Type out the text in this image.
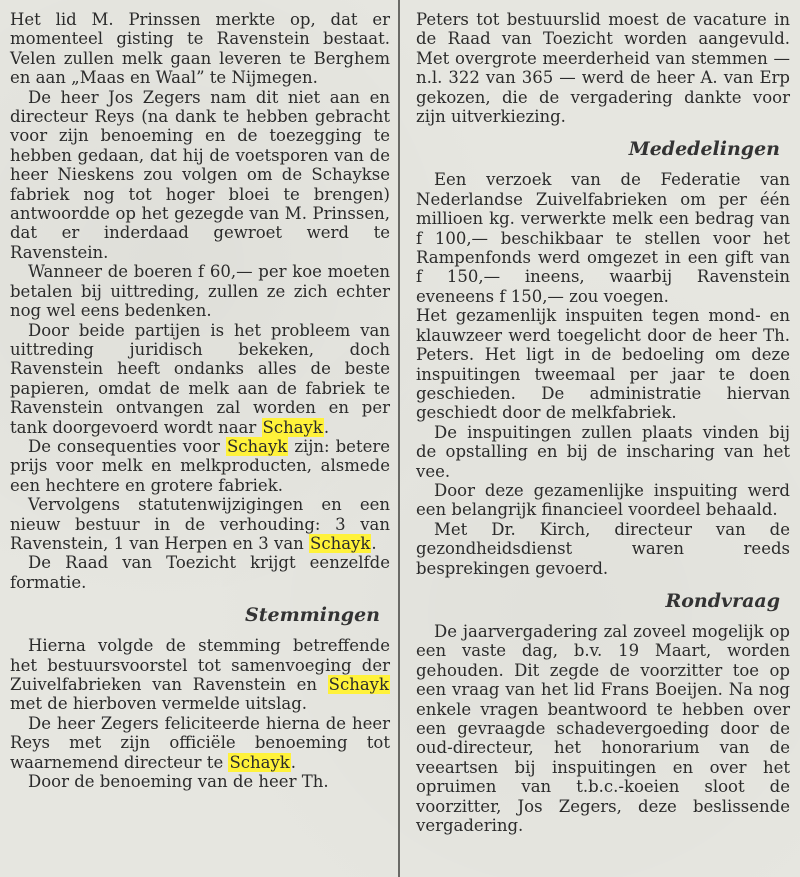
Het lid M. Prinssen merkte op, dat er momenteel gisting te Ravenstein bestaat. Velen zullen melk gaan leveren te Berghem en aan „Maas en Waal” te Nijmegen.

De heer Jos Zegers nam dit niet aan en directeur Reys (na dank te hebben gebracht voor zijn benoeming en de toezegging te hebben gedaan, dat hij de voetsporen van de heer Nieskens zou volgen om de Schaykse fabriek nog tot hoger bloei te brengen) antwoordde op het gezegde van M. Prinssen, dat er inderdaad gewroet werd te Ravenstein.

Wanneer de boeren f 60,— per koe moeten betalen bij uittreding, zullen ze zich echter nog wel eens bedenken.

Door beide partijen is het probleem van uittreding juridisch bekeken, doch Ravenstein heeft ondanks alles de beste papieren, omdat de melk aan de fabriek te Ravenstein ontvangen zal worden en per tank doorgevoerd wordt naar Schayk.

De consequenties voor Schayk zijn: betere prijs voor melk en melkproducten, alsmede een hechtere en grotere fabriek.

Vervolgens statutenwijzigingen en een nieuw bestuur in de verhouding: 3 van Ravenstein, 1 van Herpen en 3 van Schayk.

De Raad van Toezicht krijgt eenzelfde formatie.

Stemmingen

Hierna volgde de stemming betreffende het bestuursvoorstel tot samenvoeging der Zuivelfabrieken van Ravenstein en Schayk met de hierboven vermelde uitslag.

De heer Zegers feliciteerde hierna de heer Reys met zijn officiële benoeming tot waarnemend directeur te Schayk.

Door de benoeming van de heer Th.

Peters tot bestuurslid moest de vacature in de Raad van Toezicht worden aangevuld. Met overgrote meerderheid van stemmen — n.l. 322 van 365 — werd de heer A. van Erp gekozen, die de vergadering dankte voor zijn uitverkiezing.

Mededelingen

Een verzoek van de Federatie van Nederlandse Zuivelfabrieken om per één millioen kg. verwerkte melk een bedrag van f 100,— beschikbaar te stellen voor het Rampenfonds werd omgezet in een gift van f 150,— ineens, waarbij Ravenstein eveneens f 150,— zou voegen.

Het gezamenlijk inspuiten tegen mond- en klauwzeer werd toegelicht door de heer Th. Peters. Het ligt in de bedoeling om deze inspuitingen tweemaal per jaar te doen geschieden. De administratie hiervan geschiedt door de melkfabriek.

De inspuitingen zullen plaats vinden bij de opstalling en bij de inscharing van het vee.

Door deze gezamenlijke inspuiting werd een belangrijk financieel voordeel behaald.

Met Dr. Kirch, directeur van de gezondheidsdienst waren reeds besprekingen gevoerd.

Rondvraag

De jaarvergadering zal zoveel mogelijk op een vaste dag, b.v. 19 Maart, worden gehouden. Dit zegde de voorzitter toe op een vraag van het lid Frans Boeijen. Na nog enkele vragen beantwoord te hebben over een gevraagde schadevergoeding door de oud-directeur, het honorarium van de veeartsen bij inspuitingen en over het opruimen van t.b.c.-koeien sloot de voorzitter, Jos Zegers, deze beslissende vergadering.
